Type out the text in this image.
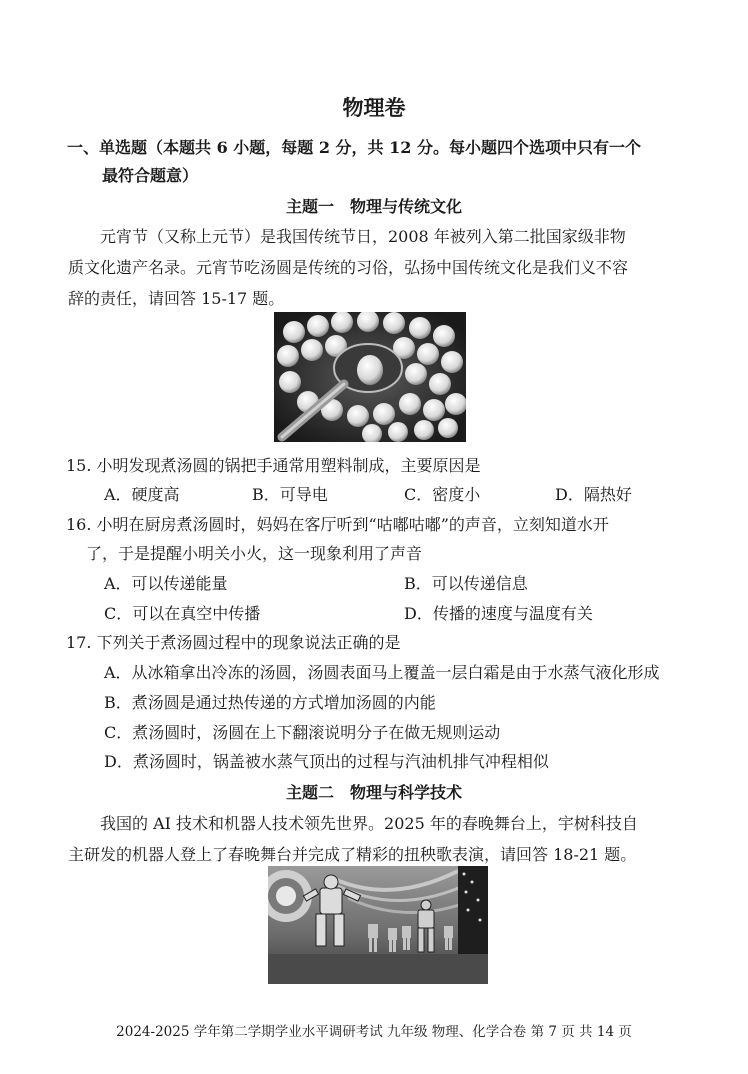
物理卷
一、单选题（本题共 6 小题，每题 2 分，共 12 分。每小题四个选项中只有一个
最符合题意）
主题一　物理与传统文化
元宵节（又称上元节）是我国传统节日，2008 年被列入第二批国家级非物
质文化遗产名录。元宵节吃汤圆是传统的习俗，弘扬中国传统文化是我们义不容
辞的责任，请回答 15-17 题。
15. 小明发现煮汤圆的锅把手通常用塑料制成，主要原因是
A．硬度高	B．可导电	C．密度小	D．隔热好
16. 小明在厨房煮汤圆时，妈妈在客厅听到“咕嘟咕嘟”的声音，立刻知道水开
了，于是提醒小明关小火，这一现象利用了声音
A．可以传递能量	B．可以传递信息
C．可以在真空中传播	D．传播的速度与温度有关
17. 下列关于煮汤圆过程中的现象说法正确的是
A．从冰箱拿出冷冻的汤圆，汤圆表面马上覆盖一层白霜是由于水蒸气液化形成
B．煮汤圆是通过热传递的方式增加汤圆的内能
C．煮汤圆时，汤圆在上下翻滚说明分子在做无规则运动
D．煮汤圆时，锅盖被水蒸气顶出的过程与汽油机排气冲程相似
主题二　物理与科学技术
我国的 AI 技术和机器人技术领先世界。2025 年的春晚舞台上，宇树科技自
主研发的机器人登上了春晚舞台并完成了精彩的扭秧歌表演，请回答 18-21 题。
2024-2025 学年第二学期学业水平调研考试 九年级 物理、化学合卷 第 7 页 共 14 页
